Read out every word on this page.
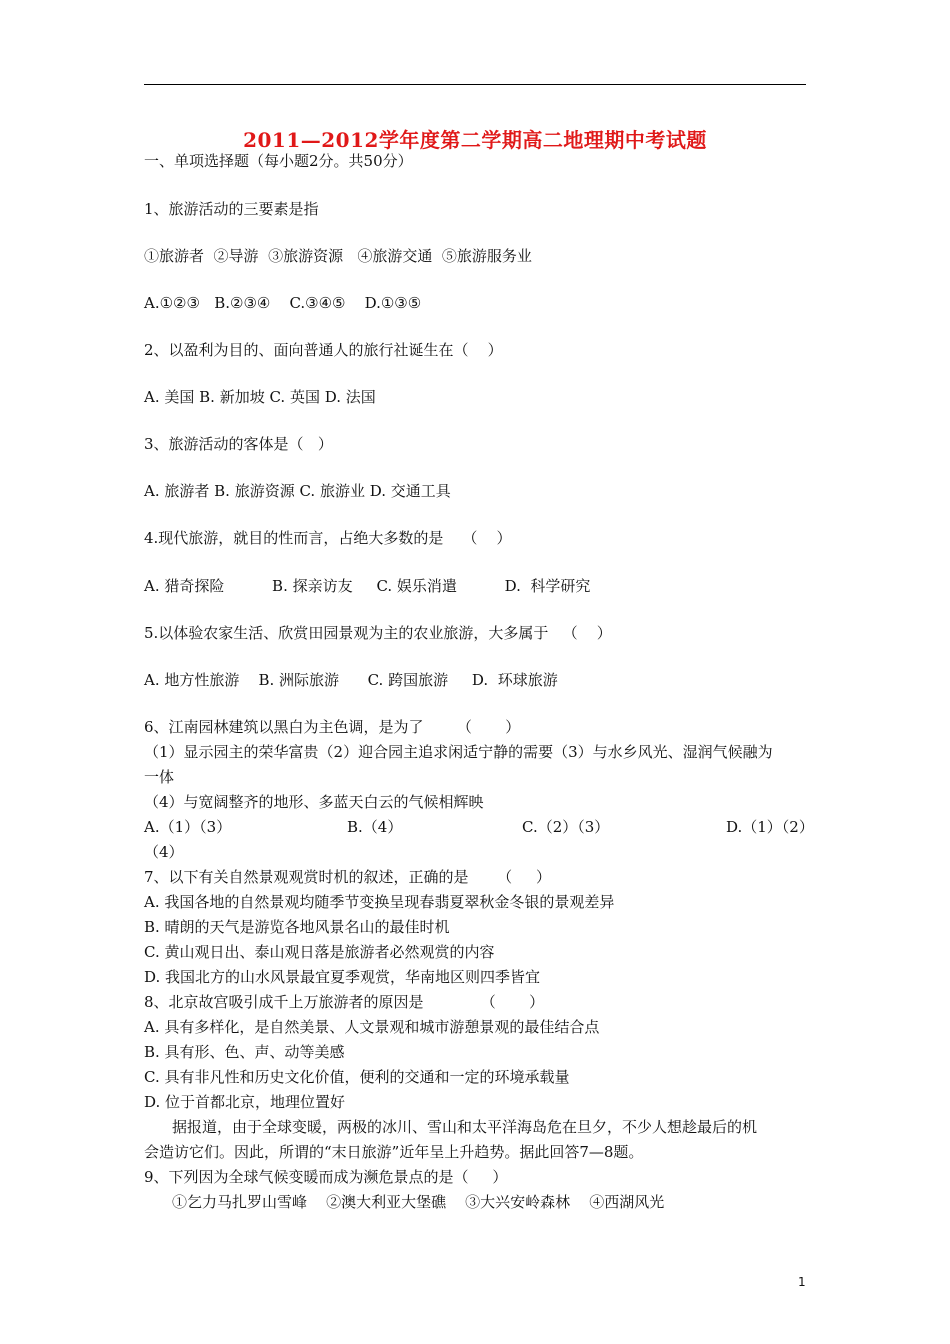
2011—2012学年度第二学期高二地理期中考试题
一、单项选择题（每小题2分。共50分）
1、旅游活动的三要素是指
①旅游者  ②导游  ③旅游资源   ④旅游交通  ⑤旅游服务业
A.①②③   B.②③④    C.③④⑤    D.①③⑤
2、以盈利为目的、面向普通人的旅行社诞生在（    ）
A. 美国 B. 新加坡 C. 英国 D. 法国
3、旅游活动的客体是（   ）
A. 旅游者 B. 旅游资源 C. 旅游业 D. 交通工具
4.现代旅游，就目的性而言，占绝大多数的是    （    ）
A. 猎奇探险          B. 探亲访友     C. 娱乐消遣          D.  科学研究
5.以体验农家生活、欣赏田园景观为主的农业旅游，大多属于   （    ）
A. 地方性旅游    B. 洲际旅游      C. 跨国旅游     D.  环球旅游
6、江南园林建筑以黑白为主色调，是为了       （       ）
（1）显示园主的荣华富贵（2）迎合园主追求闲适宁静的需要（3）与水乡风光、湿润气候融为
一体
（4）与宽阔整齐的地形、多蓝天白云的气候相辉映
A.（1）（3）	B.（4）	C.（2）（3）	D.（1）（2）
（4）
7、以下有关自然景观观赏时机的叙述，正确的是      （     ）
A. 我国各地的自然景观均随季节变换呈现春翡夏翠秋金冬银的景观差异
B. 晴朗的天气是游览各地风景名山的最佳时机
C. 黄山观日出、泰山观日落是旅游者必然观赏的内容
D. 我国北方的山水风景最宜夏季观赏，华南地区则四季皆宜
8、北京故宫吸引成千上万旅游者的原因是            （       ）
A. 具有多样化，是自然美景、人文景观和城市游憩景观的最佳结合点
B. 具有形、色、声、动等美感
C. 具有非凡性和历史文化价值，便利的交通和一定的环境承载量
D. 位于首都北京，地理位置好
据报道，由于全球变暖，两极的冰川、雪山和太平洋海岛危在旦夕，不少人想趁最后的机
会造访它们。因此，所谓的“末日旅游”近年呈上升趋势。据此回答7—8题。
9、下列因为全球气候变暖而成为濒危景点的是（     ）
①乞力马扎罗山雪峰    ②澳大利亚大堡礁    ③大兴安岭森林    ④西湖风光
1
